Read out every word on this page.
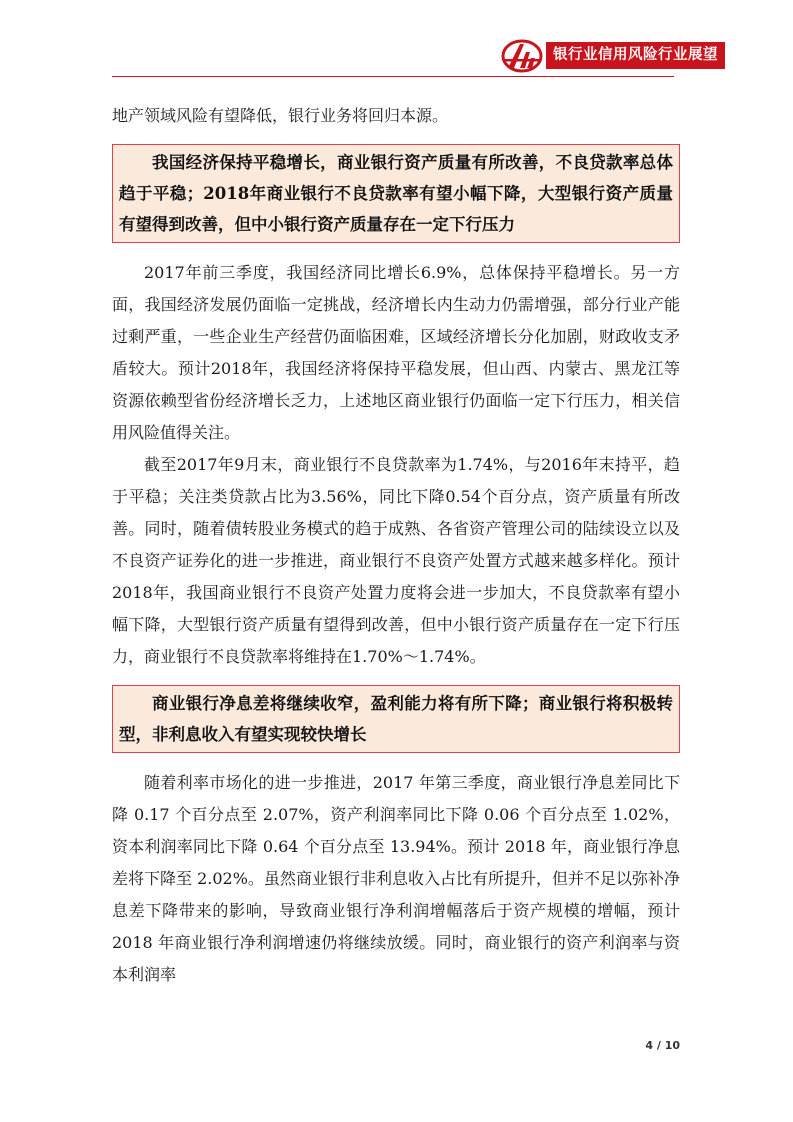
银行业信用风险行业展望

地产领域风险有望降低，银行业务将回归本源。

我国经济保持平稳增长，商业银行资产质量有所改善，不良贷款率总体趋于平稳；2018年商业银行不良贷款率有望小幅下降，大型银行资产质量有望得到改善，但中小银行资产质量存在一定下行压力

2017年前三季度，我国经济同比增长6.9%，总体保持平稳增长。另一方面，我国经济发展仍面临一定挑战，经济增长内生动力仍需增强，部分行业产能过剩严重，一些企业生产经营仍面临困难，区域经济增长分化加剧，财政收支矛盾较大。预计2018年，我国经济将保持平稳发展，但山西、内蒙古、黑龙江等资源依赖型省份经济增长乏力，上述地区商业银行仍面临一定下行压力，相关信用风险值得关注。

截至2017年9月末，商业银行不良贷款率为1.74%，与2016年末持平，趋于平稳；关注类贷款占比为3.56%，同比下降0.54个百分点，资产质量有所改善。同时，随着债转股业务模式的趋于成熟、各省资产管理公司的陆续设立以及不良资产证券化的进一步推进，商业银行不良资产处置方式越来越多样化。预计2018年，我国商业银行不良资产处置力度将会进一步加大，不良贷款率有望小幅下降，大型银行资产质量有望得到改善，但中小银行资产质量存在一定下行压力，商业银行不良贷款率将维持在1.70%～1.74%。

商业银行净息差将继续收窄，盈利能力将有所下降；商业银行将积极转型，非利息收入有望实现较快增长

随着利率市场化的进一步推进，2017 年第三季度，商业银行净息差同比下降 0.17 个百分点至 2.07%，资产利润率同比下降 0.06 个百分点至 1.02%，资本利润率同比下降 0.64 个百分点至 13.94%。预计 2018 年，商业银行净息差将下降至 2.02%。虽然商业银行非利息收入占比有所提升，但并不足以弥补净息差下降带来的影响，导致商业银行净利润增幅落后于资产规模的增幅，预计 2018 年商业银行净利润增速仍将继续放缓。同时，商业银行的资产利润率与资本利润率

4 / 10
